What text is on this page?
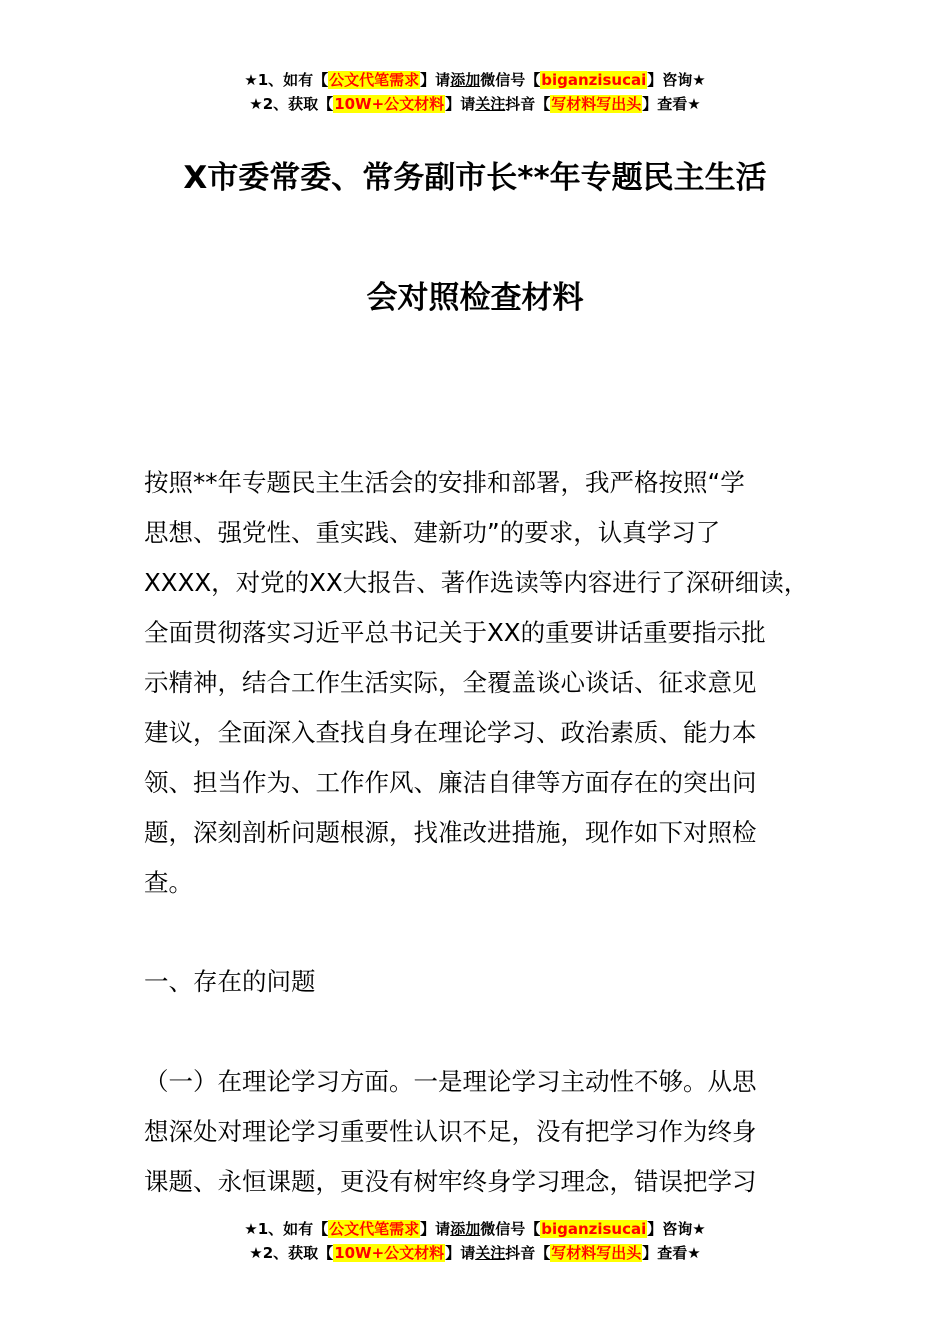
★1、如有【公文代笔需求】请添加微信号【biganzisucai】咨询★
★2、获取【10W+公文材料】请关注抖音【写材料写出头】查看★
X市委常委、常务副市长**年专题民主生活
会对照检查材料
按照**年专题民主生活会的安排和部署，我严格按照“学
思想、强党性、重实践、建新功”的要求，认真学习了
XXXX，对党的XX大报告、著作选读等内容进行了深研细读，
全面贯彻落实习近平总书记关于XX的重要讲话重要指示批
示精神，结合工作生活实际，全覆盖谈心谈话、征求意见
建议，全面深入查找自身在理论学习、政治素质、能力本
领、担当作为、工作作风、廉洁自律等方面存在的突出问
题，深刻剖析问题根源，找准改进措施，现作如下对照检
查。
一、存在的问题
（一）在理论学习方面。一是理论学习主动性不够。从思
想深处对理论学习重要性认识不足，没有把学习作为终身
课题、永恒课题，更没有树牢终身学习理念，错误把学习
★1、如有【公文代笔需求】请添加微信号【biganzisucai】咨询★
★2、获取【10W+公文材料】请关注抖音【写材料写出头】查看★
